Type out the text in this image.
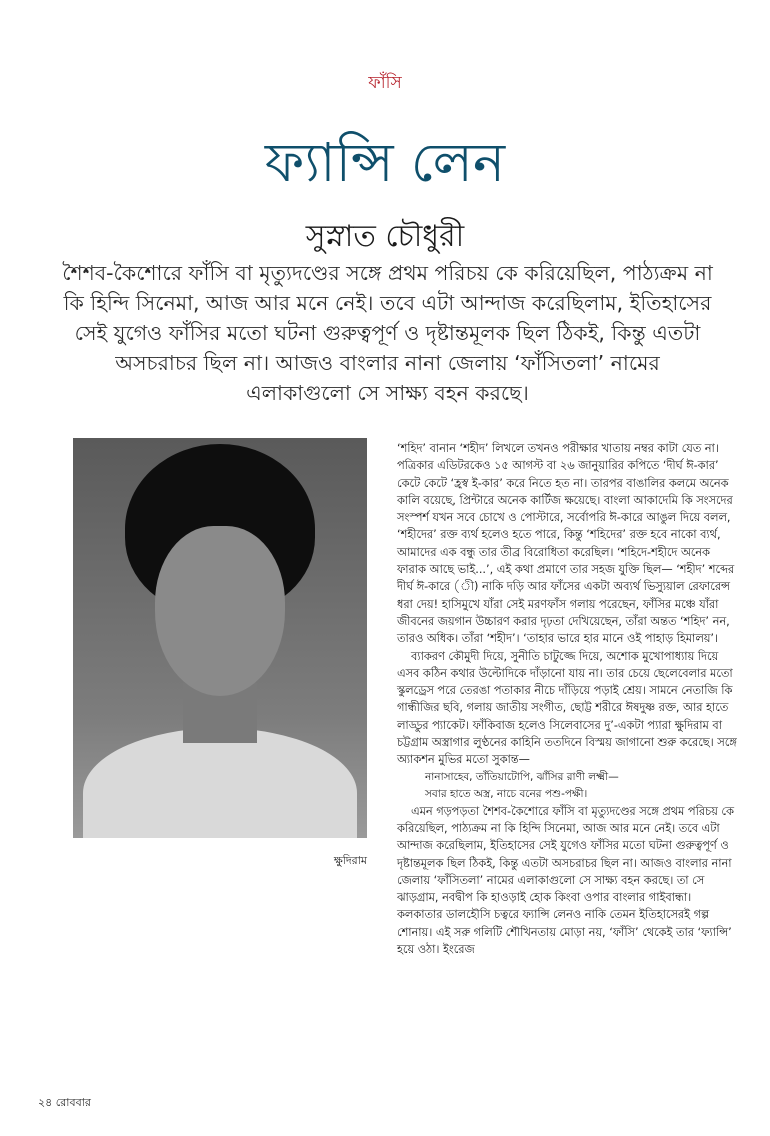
ফাঁসি
ফ্যান্সি লেন
সুস্নাত চৌধুরী
শৈশব-কৈশোরে ফাঁসি বা মৃত্যুদণ্ডের সঙ্গে প্রথম পরিচয় কে করিয়েছিল, পাঠ্যক্রম না কি হিন্দি সিনেমা, আজ আর মনে নেই। তবে এটা আন্দাজ করেছিলাম, ইতিহাসের সেই যুগেও ফাঁসির মতো ঘটনা গুরুত্বপূর্ণ ও দৃষ্টান্তমূলক ছিল ঠিকই, কিন্তু এতটা অসচরাচর ছিল না। আজও বাংলার নানা জেলায় ‘ফাঁসিতলা’ নামের এলাকাগুলো সে সাক্ষ্য বহন করছে।
ক্ষুদিরাম

‘শহিদ’ বানান ‘শহীদ’ লিখলে তখনও পরীক্ষার খাতায় নম্বর কাটা যেত না। পত্রিকার এডিটরকেও ১৫ আগস্ট বা ২৬ জানুয়ারির কপিতে ‘দীর্ঘ ঈ-কার’ কেটে কেটে ‘হ্রস্ব ই-কার’ করে নিতে হত না। তারপর বাঙালির কলমে অনেক কালি বয়েছে, প্রিন্টারে অনেক কার্টিজ ক্ষয়েছে। বাংলা আকাদেমি কি সংসদের সংস্পর্শ যখন সবে চোখে ও পোস্টারে, সর্বোপরি ঈ-কারে আঙুল দিয়ে বলল, ‘শহীদের’ রক্ত ব্যর্থ হলেও হতে পারে, কিন্তু ‘শহিদের’ রক্ত হবে নাকো ব্যর্থ, আমাদের এক বন্ধু তার তীব্র বিরোধিতা করেছিল। ‘শহিদে-শহীদে অনেক ফারাক আছে ভাই...’, এই কথা প্রমাণে তার সহজ যুক্তি ছিল— ‘শহীদ’ শব্দের দীর্ঘ ঈ-কারে (ী) নাকি দড়ি আর ফাঁসের একটা অব্যর্থ ভিস্যুয়াল রেফারেন্স ধরা দেয়! হাসিমুখে যাঁরা সেই মরণফাঁস গলায় পরেছেন, ফাঁসির মঞ্চে যাঁরা জীবনের জয়গান উচ্চারণ করার দৃঢ়তা দেখিয়েছেন, তাঁরা অন্তত ‘শহিদ’ নন, তারও অধিক। তাঁরা ‘শহীদ’। ‘তাহার ভারে হার মানে ওই পাহাড় হিমালয়’।

ব্যাকরণ কৌমুদী দিয়ে, সুনীতি চাটুজ্জে দিয়ে, অশোক মুখোপাধ্যায় দিয়ে এসব কঠিন কথার উল্টোদিকে দাঁড়ানো যায় না। তার চেয়ে ছেলেবেলার মতো স্কুলড্রেস পরে তেরঙা পতাকার নীচে দাঁড়িয়ে পড়াই শ্রেয়। সামনে নেতাজি কি গান্ধীজির ছবি, গলায় জাতীয় সংগীত, ছোট্ট শরীরে ঈষদুষ্ণ রক্ত, আর হাতে লাড্ডুর প্যাকেট। ফাঁকিবাজ হলেও সিলেবাসের দু’-একটা প্যারা ক্ষুদিরাম বা চট্টগ্রাম অস্ত্রাগার লুণ্ঠনের কাহিনি ততদিনে বিস্ময় জাগানো শুরু করেছে। সঙ্গে অ্যাকশন মুভির মতো সুকান্ত—

নানাসাহেব, তাঁতিয়াটোপি, ঝাঁসির রাণী লক্ষ্মী—

সবার হাতে অস্ত্র, নাচে বনের পশু-পক্ষী।

এমন গড়পড়তা শৈশব-কৈশোরে ফাঁসি বা মৃত্যুদণ্ডের সঙ্গে প্রথম পরিচয় কে করিয়েছিল, পাঠ্যক্রম না কি হিন্দি সিনেমা, আজ আর মনে নেই। তবে এটা আন্দাজ করেছিলাম, ইতিহাসের সেই যুগেও ফাঁসির মতো ঘটনা গুরুত্বপূর্ণ ও দৃষ্টান্তমূলক ছিল ঠিকই, কিন্তু এতটা অসচরাচর ছিল না। আজও বাংলার নানা জেলায় ‘ফাঁসিতলা’ নামের এলাকাগুলো সে সাক্ষ্য বহন করছে। তা সে ঝাড়গ্রাম, নবদ্বীপ কি হাওড়াই হোক কিংবা ওপার বাংলার গাইবান্ধা। কলকাতার ডালহৌসি চত্বরে ফ্যান্সি লেনও নাকি তেমন ইতিহাসেরই গল্প শোনায়। এই সরু গলিটি শৌখিনতায় মোড়া নয়, ‘ফাঁসি’ থেকেই তার ‘ফ্যান্সি’ হয়ে ওঠা। ইংরেজ

২৪ রোববার
